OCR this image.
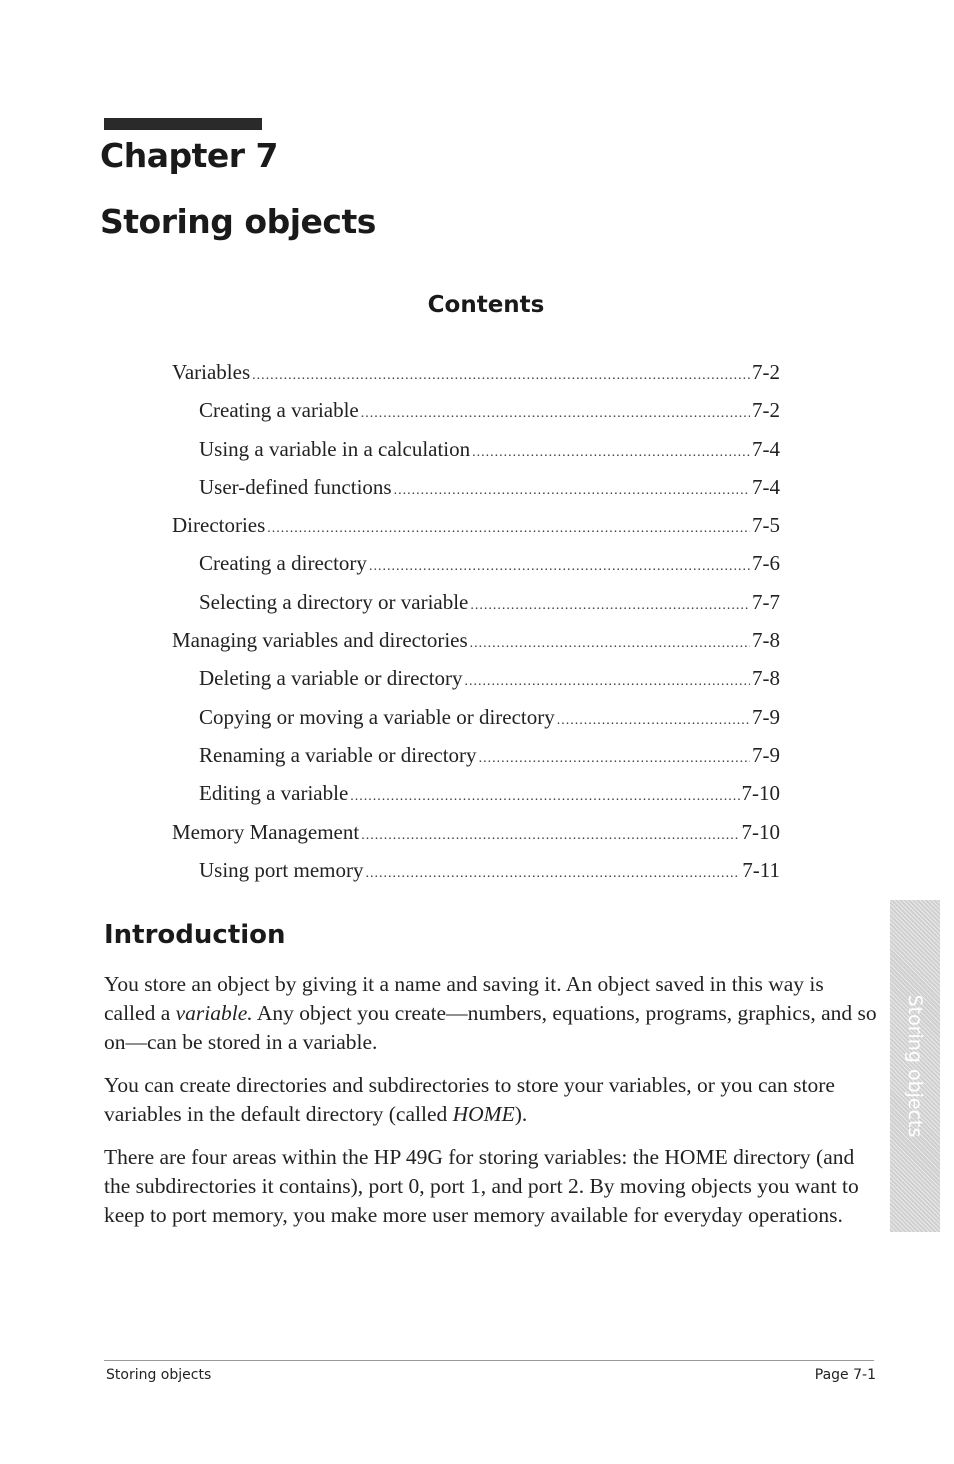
Chapter 7
Storing objects
Contents
Variables .....	7-2
Creating a variable .....	7-2
Using a variable in a calculation .....	7-4
User-defined functions .....	7-4
Directories .....	7-5
Creating a directory .....	7-6
Selecting a directory or variable .....	7-7
Managing variables and directories .....	7-8
Deleting a variable or directory .....	7-8
Copying or moving a variable or directory .....	7-9
Renaming a variable or directory .....	7-9
Editing a variable .....	7-10
Memory Management .....	7-10
Using port memory .....	7-11
Introduction

You store an object by giving it a name and saving it. An object saved in this way is called a variable. Any object you create—numbers, equations, programs, graphics, and so on—can be stored in a variable.

You can create directories and subdirectories to store your variables, or you can store variables in the default directory (called HOME).

There are four areas within the HP 49G for storing variables: the HOME directory (and the subdirectories it contains), port 0, port 1, and port 2. By moving objects you want to keep to port memory, you make more user memory available for everyday operations.

Storing objects
Storing objects	Page 7-1
